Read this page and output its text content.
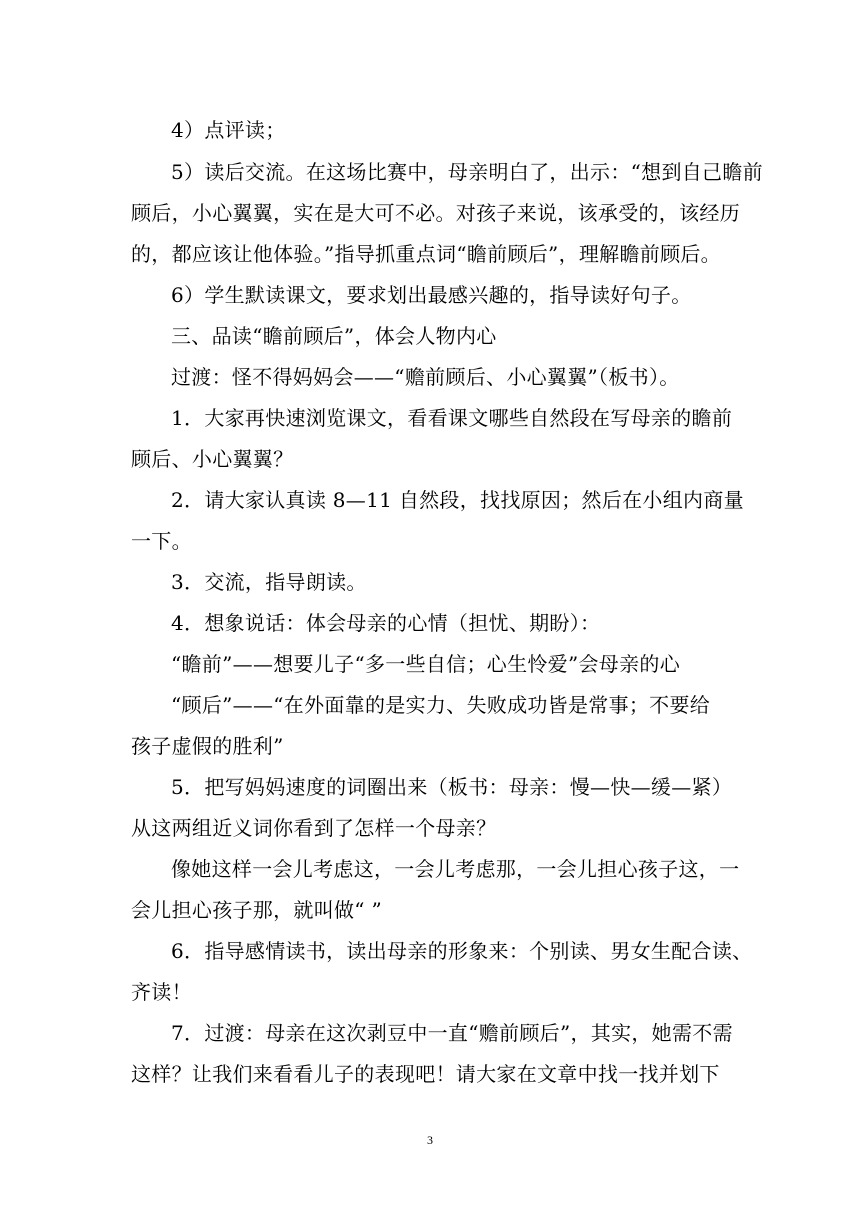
4）点评读；
5）读后交流。在这场比赛中，母亲明白了，出示：“想到自己瞻前
顾后，小心翼翼，实在是大可不必。对孩子来说，该承受的，该经历
的，都应该让他体验。”指导抓重点词“瞻前顾后”，理解瞻前顾后。
6）学生默读课文，要求划出最感兴趣的，指导读好句子。
三、品读“瞻前顾后”，体会人物内心
过渡：怪不得妈妈会——“赡前顾后、小心翼翼”（板书）。
1．大家再快速浏览课文，看看课文哪些自然段在写母亲的瞻前
顾后、小心翼翼？
2．请大家认真读 8—11 自然段，找找原因；然后在小组内商量
一下。
3．交流，指导朗读。
4．想象说话：体会母亲的心情（担忧、期盼）：
“瞻前”——想要儿子“多一些自信；心生怜爱”会母亲的心
“顾后”——“在外面靠的是实力、失败成功皆是常事；不要给
孩子虚假的胜利”
5．把写妈妈速度的词圈出来（板书：母亲：慢—快—缓—紧）
从这两组近义词你看到了怎样一个母亲？
像她这样一会儿考虑这，一会儿考虑那，一会儿担心孩子这，一
会儿担心孩子那，就叫做“ ”
6．指导感情读书，读出母亲的形象来：个别读、男女生配合读、
齐读！
7．过渡：母亲在这次剥豆中一直“赡前顾后”，其实，她需不需
这样？让我们来看看儿子的表现吧！请大家在文章中找一找并划下
3
